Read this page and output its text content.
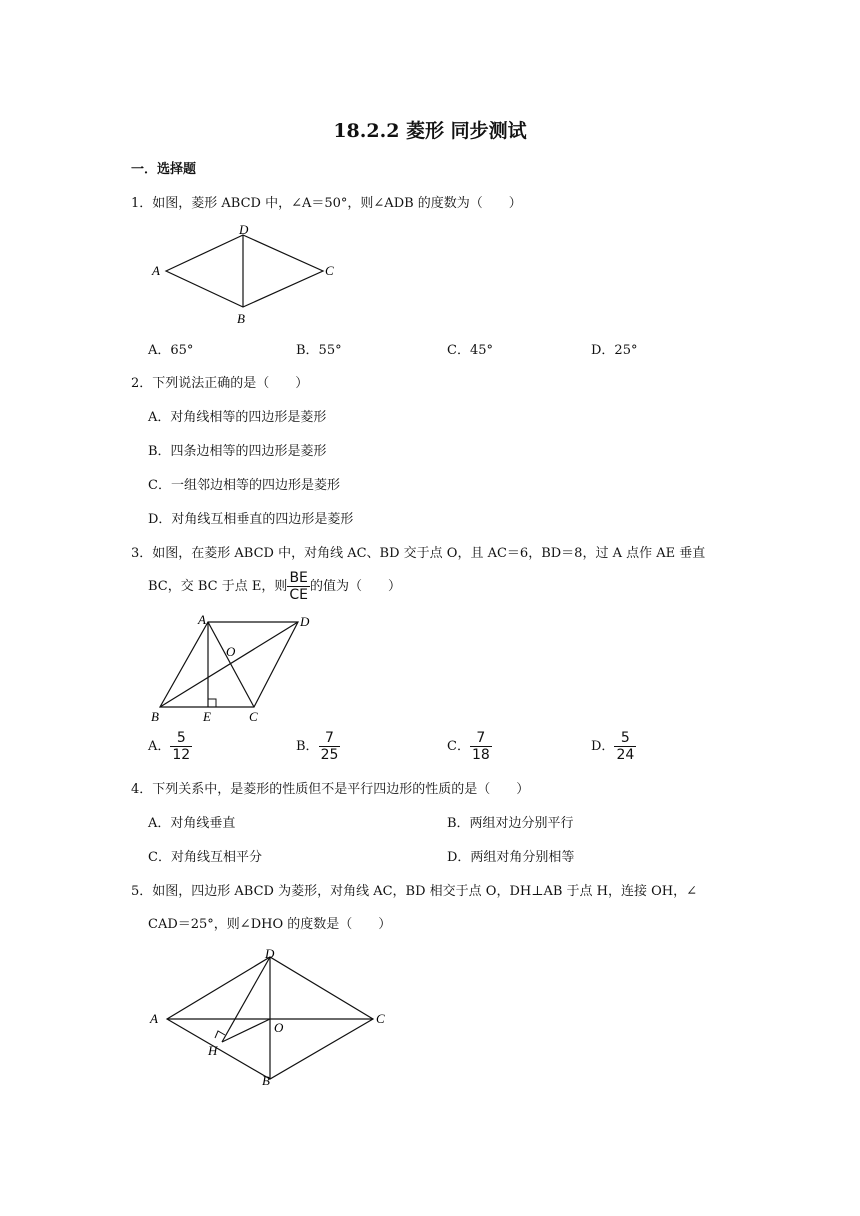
18.2.2 菱形 同步测试
一．选择题
1．如图，菱形 ABCD 中，∠A＝50°，则∠ADB 的度数为（　　）
A
B
C
D
A．65°	B．55°	C．45°	D．25°
2．下列说法正确的是（　　）
A．对角线相等的四边形是菱形
B．四条边相等的四边形是菱形
C．一组邻边相等的四边形是菱形
D．对角线互相垂直的四边形是菱形
3．如图，在菱形 ABCD 中，对角线 AC、BD 交于点 O，且 AC＝6，BD＝8，过 A 点作 AE 垂直
BC，交 BC 于点 E，则 $\frac{BE}{CE}$ 的值为（　　）
A
B	C
D
O
E
A． $\frac{5}{12}$	B． $\frac{7}{25}$	C． $\frac{7}{18}$	D． $\frac{5}{24}$
4．下列关系中，是菱形的性质但不是平行四边形的性质的是（　　）
A．对角线垂直	B．两组对边分别平行
C．对角线互相平分	D．两组对角分别相等
5．如图，四边形 ABCD 为菱形，对角线 AC，BD 相交于点 O，DH⊥AB 于点 H，连接 OH，∠
CAD＝25°，则∠DHO 的度数是（　　）
A
B
C
D
O
H
